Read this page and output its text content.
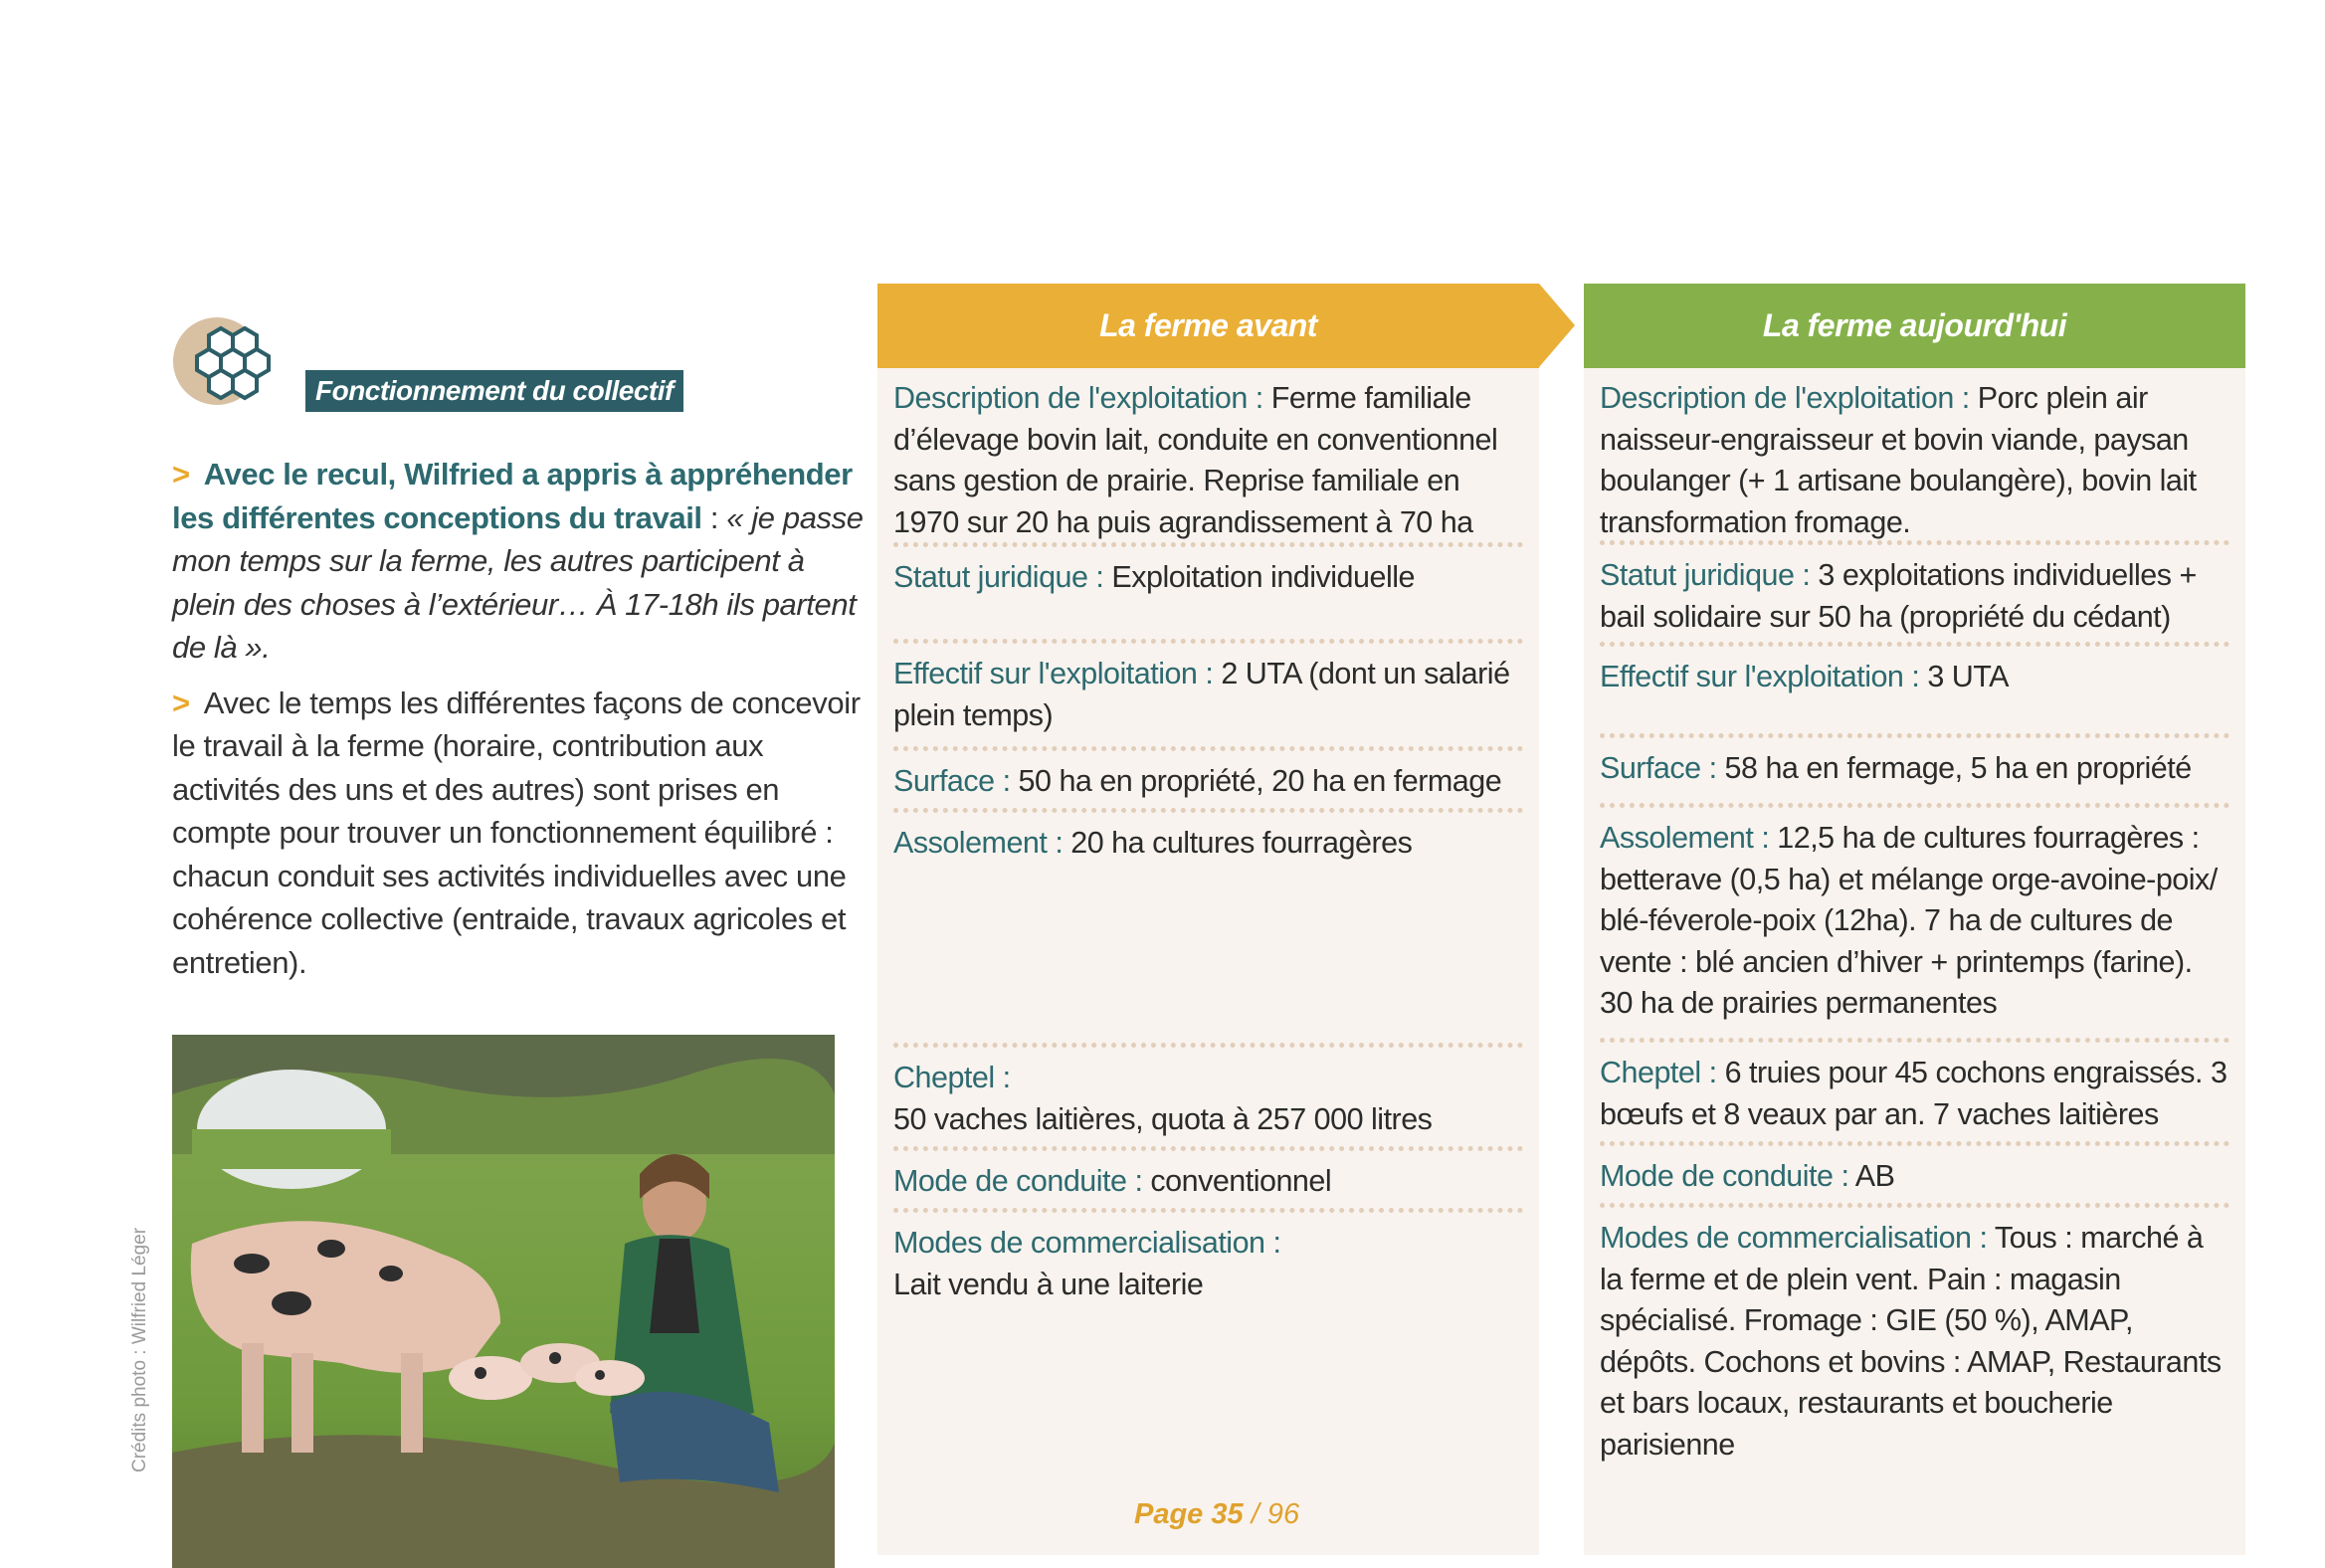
Fonctionnement du collectif
> Avec le recul, Wilfried a appris à appréhender les différentes conceptions du travail : « je passe mon temps sur la ferme, les autres participent à plein des choses à l’extérieur… À 17-18h ils partent de là ».
> Avec le temps les différentes façons de concevoir le travail à la ferme (horaire, contribution aux activités des uns et des autres) sont prises en compte pour trouver un fonctionnement équilibré : chacun conduit ses activités individuelles avec une cohérence collective (entraide, travaux agricoles et entretien).
Crédits photo : Wilfried Léger
La ferme avant
Description de l'exploitation : Ferme familiale d’élevage bovin lait, conduite en conventionnel sans gestion de prairie. Reprise familiale en 1970 sur 20 ha puis agrandissement à 70 ha
Statut juridique : Exploitation individuelle
Effectif sur l'exploitation : 2 UTA (dont un salarié plein temps)
Surface : 50 ha en propriété, 20 ha en fermage
Assolement : 20 ha cultures fourragères
Cheptel :
50 vaches laitières, quota à 257 000 litres
Mode de conduite : conventionnel
Modes de commercialisation :
Lait vendu à une laiterie
La ferme aujourd'hui
Description de l'exploitation : Porc plein air naisseur-engraisseur et bovin viande, paysan boulanger (+ 1 artisane boulangère), bovin lait transformation fromage.
Statut juridique : 3 exploitations individuelles + bail solidaire sur 50 ha (propriété du cédant)
Effectif sur l'exploitation : 3 UTA
Surface : 58 ha en fermage, 5 ha en propriété
Assolement : 12,5 ha de cultures fourragères : betterave (0,5 ha) et mélange orge-avoine-poix/ blé-féverole-poix (12ha). 7 ha de cultures de vente : blé ancien d’hiver + printemps (farine). 30 ha de prairies permanentes
Cheptel : 6 truies pour 45 cochons engraissés. 3 bœufs et 8 veaux par an. 7 vaches laitières
Mode de conduite : AB
Modes de commercialisation : Tous : marché à la ferme et de plein vent. Pain : magasin spécialisé. Fromage : GIE (50 %), AMAP, dépôts. Cochons et bovins : AMAP, Restaurants et bars locaux, restaurants et boucherie parisienne
Page 35 / 96
